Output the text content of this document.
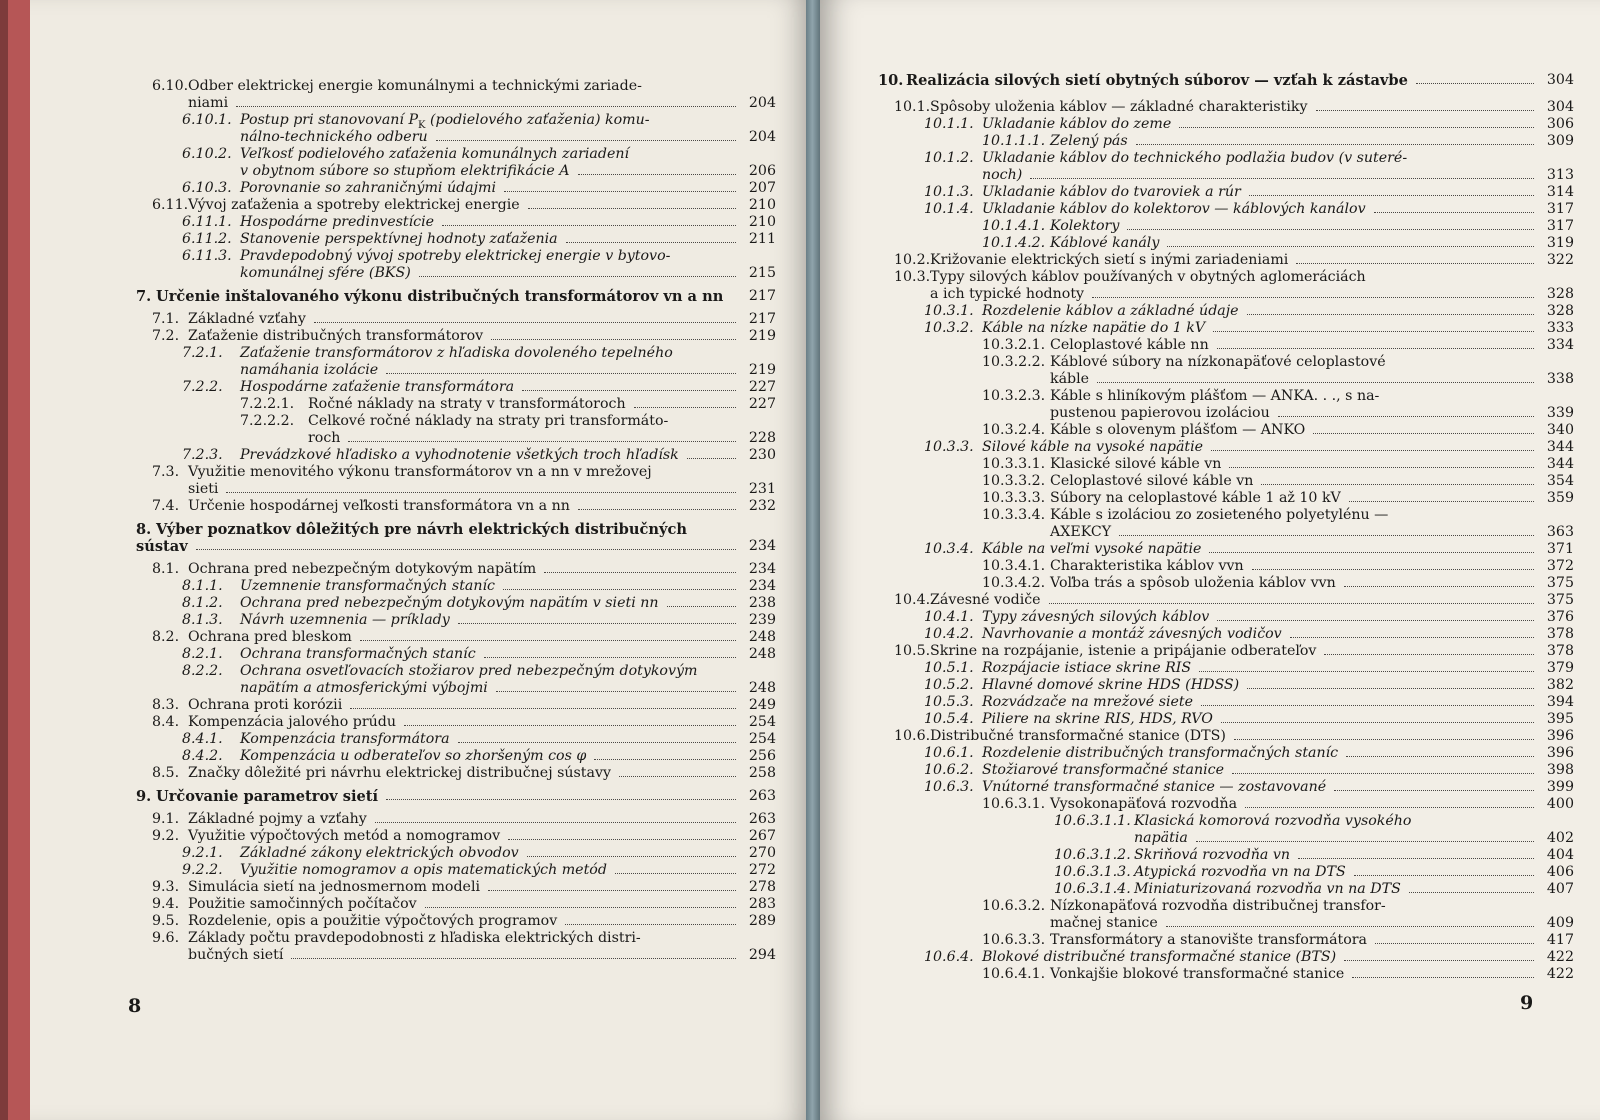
6.10. Odber elektrickej energie komunálnymi a technickými zariade-
niami	204
6.10.1. Postup pri stanovovaní $P_K$ (podielového zaťaženia) komu-
nálno-technického odberu	204
6.10.2. Veľkosť podielového zaťaženia komunálnych zariadení
v obytnom súbore so stupňom elektrifikácie A	206
6.10.3. Porovnanie so zahraničnými údajmi	207
6.11. Vývoj zaťaženia a spotreby elektrickej energie	210
6.11.1. Hospodárne predinvestície	210
6.11.2. Stanovenie perspektívnej hodnoty zaťaženia	211
6.11.3. Pravdepodobný vývoj spotreby elektrickej energie v bytovo-
komunálnej sfére (BKS)	215
7. Určenie inštalovaného výkonu distribučných transformátorov vn a nn 217
7.1. Základné vzťahy	217
7.2. Zaťaženie distribučných transformátorov	219
7.2.1. Zaťaženie transformátorov z hľadiska dovoleného tepelného
namáhania izolácie	219
7.2.2. Hospodárne zaťaženie transformátora	227
7.2.2.1. Ročné náklady na straty v transformátoroch	227
7.2.2.2. Celkové ročné náklady na straty pri transformáto-
roch	228
7.2.3. Prevádzkové hľadisko a vyhodnotenie všetkých troch hľadísk	230
7.3. Využitie menovitého výkonu transformátorov vn a nn v mrežovej
sieti	231
7.4. Určenie hospodárnej veľkosti transformátora vn a nn	232
8. Výber poznatkov dôležitých pre návrh elektrických distribučných
sústav	234
8.1. Ochrana pred nebezpečným dotykovým napätím	234
8.1.1. Uzemnenie transformačných staníc	234
8.1.2. Ochrana pred nebezpečným dotykovým napätím v sieti nn	238
8.1.3. Návrh uzemnenia — príklady	239
8.2. Ochrana pred bleskom	248
8.2.1. Ochrana transformačných staníc	248
8.2.2. Ochrana osvetľovacích stožiarov pred nebezpečným dotykovým
napätím a atmosferickými výbojmi	248
8.3. Ochrana proti korózii	249
8.4. Kompenzácia jalového prúdu	254
8.4.1. Kompenzácia transformátora	254
8.4.2. Kompenzácia u odberateľov so zhoršeným cos φ	256
8.5. Značky dôležité pri návrhu elektrickej distribučnej sústavy	258
9. Určovanie parametrov sietí	263
9.1. Základné pojmy a vzťahy	263
9.2. Využitie výpočtových metód a nomogramov	267
9.2.1. Základné zákony elektrických obvodov	270
9.2.2. Využitie nomogramov a opis matematických metód	272
9.3. Simulácia sietí na jednosmernom modeli	278
9.4. Použitie samočinných počítačov	283
9.5. Rozdelenie, opis a použitie výpočtových programov	289
9.6. Základy počtu pravdepodobnosti z hľadiska elektrických distri-
bučných sietí	294
8
10. Realizácia silových sietí obytných súborov — vzťah k zástavbe	304
10.1. Spôsoby uloženia káblov — základné charakteristiky	304
10.1.1. Ukladanie káblov do zeme	306
10.1.1.1. Zelený pás	309
10.1.2. Ukladanie káblov do technického podlažia budov (v suteré-
noch)	313
10.1.3. Ukladanie káblov do tvaroviek a rúr	314
10.1.4. Ukladanie káblov do kolektorov — káblových kanálov	317
10.1.4.1. Kolektory	317
10.1.4.2. Káblové kanály	319
10.2. Križovanie elektrických sietí s inými zariadeniami	322
10.3. Typy silových káblov používaných v obytných aglomeráciách
a ich typické hodnoty	328
10.3.1. Rozdelenie káblov a základné údaje	328
10.3.2. Káble na nízke napätie do 1 kV	333
10.3.2.1. Celoplastové káble nn	334
10.3.2.2. Káblové súbory na nízkonapäťové celoplastové
káble	338
10.3.2.3. Káble s hliníkovým plášťom — ANKA. . ., s na-
pustenou papierovou izoláciou	339
10.3.2.4. Káble s olovenym plášťom — ANKO	340
10.3.3. Silové káble na vysoké napätie	344
10.3.3.1. Klasické silové káble vn	344
10.3.3.2. Celoplastové silové káble vn	354
10.3.3.3. Súbory na celoplastové káble 1 až 10 kV	359
10.3.3.4. Káble s izoláciou zo zosieteného polyetylénu —
AXEKCY	363
10.3.4. Káble na veľmi vysoké napätie	371
10.3.4.1. Charakteristika káblov vvn	372
10.3.4.2. Voľba trás a spôsob uloženia káblov vvn	375
10.4. Závesné vodiče	375
10.4.1. Typy závesných silových káblov	376
10.4.2. Navrhovanie a montáž závesných vodičov	378
10.5. Skrine na rozpájanie, istenie a pripájanie odberateľov	378
10.5.1. Rozpájacie istiace skrine RIS	379
10.5.2. Hlavné domové skrine HDS (HDSS)	382
10.5.3. Rozvádzače na mrežové siete	394
10.5.4. Piliere na skrine RIS, HDS, RVO	395
10.6. Distribučné transformačné stanice (DTS)	396
10.6.1. Rozdelenie distribučných transformačných staníc	396
10.6.2. Stožiarové transformačné stanice	398
10.6.3. Vnútorné transformačné stanice — zostavované	399
10.6.3.1. Vysokonapäťová rozvodňa	400
10.6.3.1.1. Klasická komorová rozvodňa vysokého
napätia	402
10.6.3.1.2. Skriňová rozvodňa vn	404
10.6.3.1.3. Atypická rozvodňa vn na DTS	406
10.6.3.1.4. Miniaturizovaná rozvodňa vn na DTS	407
10.6.3.2. Nízkonapäťová rozvodňa distribučnej transfor-
mačnej stanice	409
10.6.3.3. Transformátory a stanovište transformátora	417
10.6.4. Blokové distribučné transformačné stanice (BTS)	422
10.6.4.1. Vonkajšie blokové transformačné stanice	422
9
